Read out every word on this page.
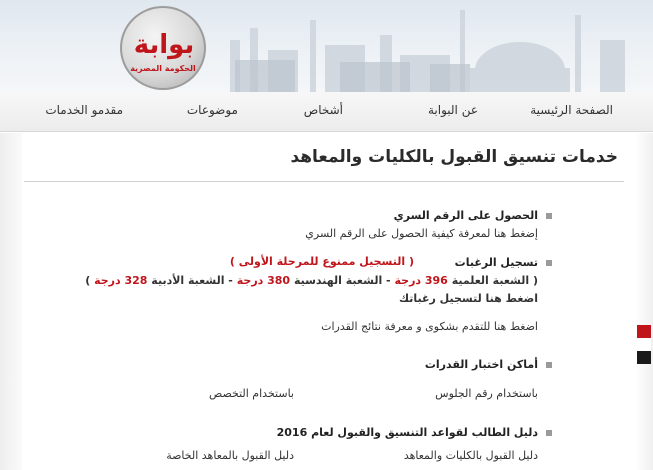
بوابة
الحكومة المصرية
الصفحة الرئيسية
عن البوابة
أشخاص
موضوعات
مقدمو الخدمات
خدمات تنسيق القبول بالكليات والمعاهد
الحصول على الرقم السري
إضغط هنا لمعرفة كيفية الحصول على الرقم السري
تسجيل الرغبات
( التسجيل ممنوع للمرحلة الأولى )
( الشعبة العلمية 396 درجة - الشعبة الهندسية 380 درجة - الشعبة الأدبية 328 درجة )
اضغط هنا لتسجيل رغباتك
اضغط هنا للتقدم بشكوى و معرفة نتائج القدرات
أماكن اختبار القدرات
باستخدام رقم الجلوس
باستخدام التخصص
دليل الطالب لقواعد التنسيق والقبول لعام 2016
دليل القبول بالكليات والمعاهد
دليل القبول بالمعاهد الخاصة
